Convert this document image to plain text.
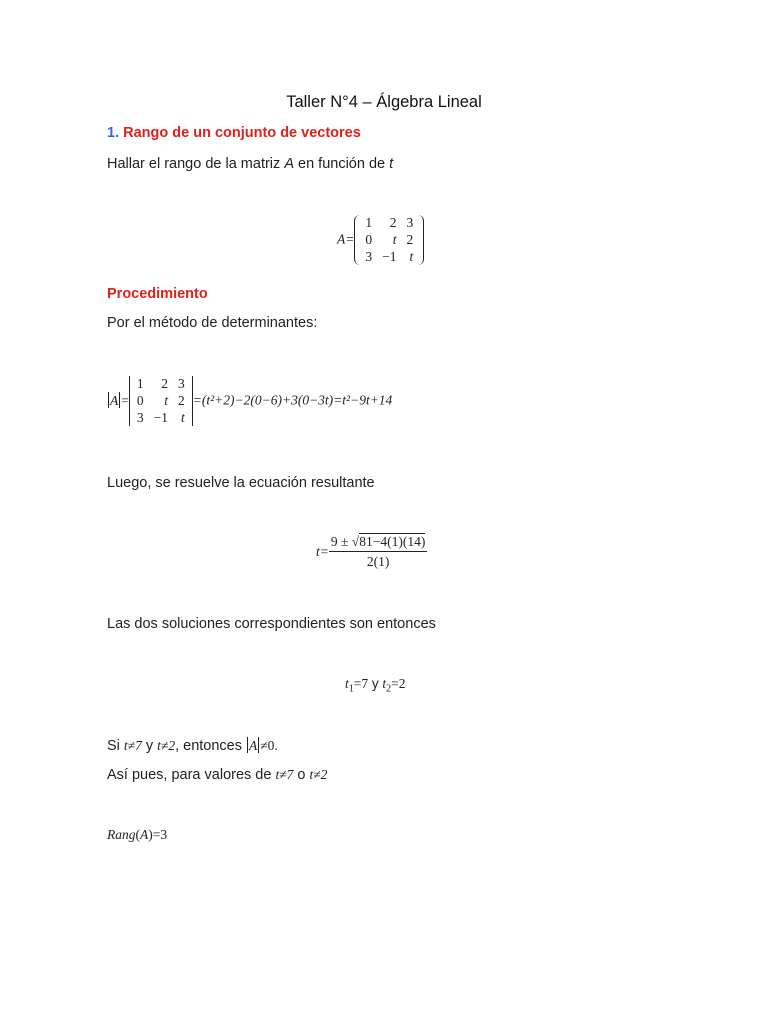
Taller N°4 – Álgebra Lineal
1. Rango de un conjunto de vectores
Hallar el rango de la matriz A en función de t
A=1	2	3
0	t	2
3	−1	t
Procedimiento
Por el método de determinantes:
A =1	2	3
0	t	2
3	−1	t=(t²+2)−2(0−6)+3(0−3t)=t²−9t+14
Luego, se resuelve la ecuación resultante
$t= \frac{9 \pm √81-4(1)(14)}{2(1)}$
Las dos soluciones correspondientes son entonces
$t_1=7$ y $t_2=2$
Si t≠7 y t≠2, entonces A ≠0.
Así pues, para valores de t≠7 o t≠2
Rang(A)=3
